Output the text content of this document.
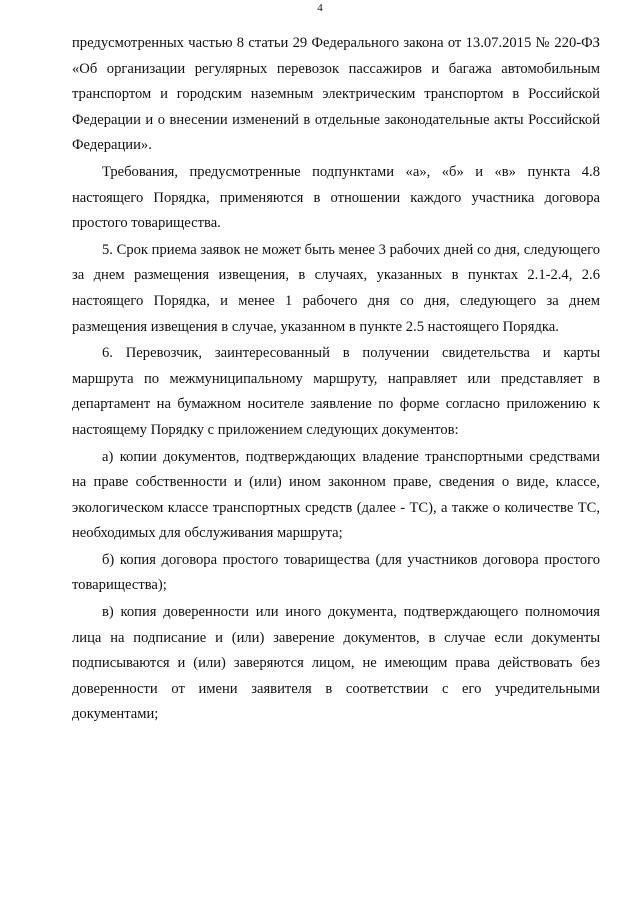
4

предусмотренных частью 8 статьи 29 Федерального закона от 13.07.2015 № 220-ФЗ «Об организации регулярных перевозок пассажиров и багажа автомобильным транспортом и городским наземным электрическим транспортом в Российской Федерации и о внесении изменений в отдельные законодательные акты Российской Федерации».

Требования, предусмотренные подпунктами «а», «б» и «в» пункта 4.8 настоящего Порядка, применяются в отношении каждого участника договора простого товарищества.

5. Срок приема заявок не может быть менее 3 рабочих дней со дня, следующего за днем размещения извещения, в случаях, указанных в пунктах 2.1-2.4, 2.6 настоящего Порядка, и менее 1 рабочего дня со дня, следующего за днем размещения извещения в случае, указанном в пункте 2.5 настоящего Порядка.

6. Перевозчик, заинтересованный в получении свидетельства и карты маршрута по межмуниципальному маршруту, направляет или представляет в департамент на бумажном носителе заявление по форме согласно приложению к настоящему Порядку с приложением следующих документов:

а) копии документов, подтверждающих владение транспортными средствами на праве собственности и (или) ином законном праве, сведения о виде, классе, экологическом классе транспортных средств (далее - ТС), а также о количестве ТС, необходимых для обслуживания маршрута;

б) копия договора простого товарищества (для участников договора простого товарищества);

в) копия доверенности или иного документа, подтверждающего полномочия лица на подписание и (или) заверение документов, в случае если документы подписываются и (или) заверяются лицом, не имеющим права действовать без доверенности от имени заявителя в соответствии с его учредительными документами;
